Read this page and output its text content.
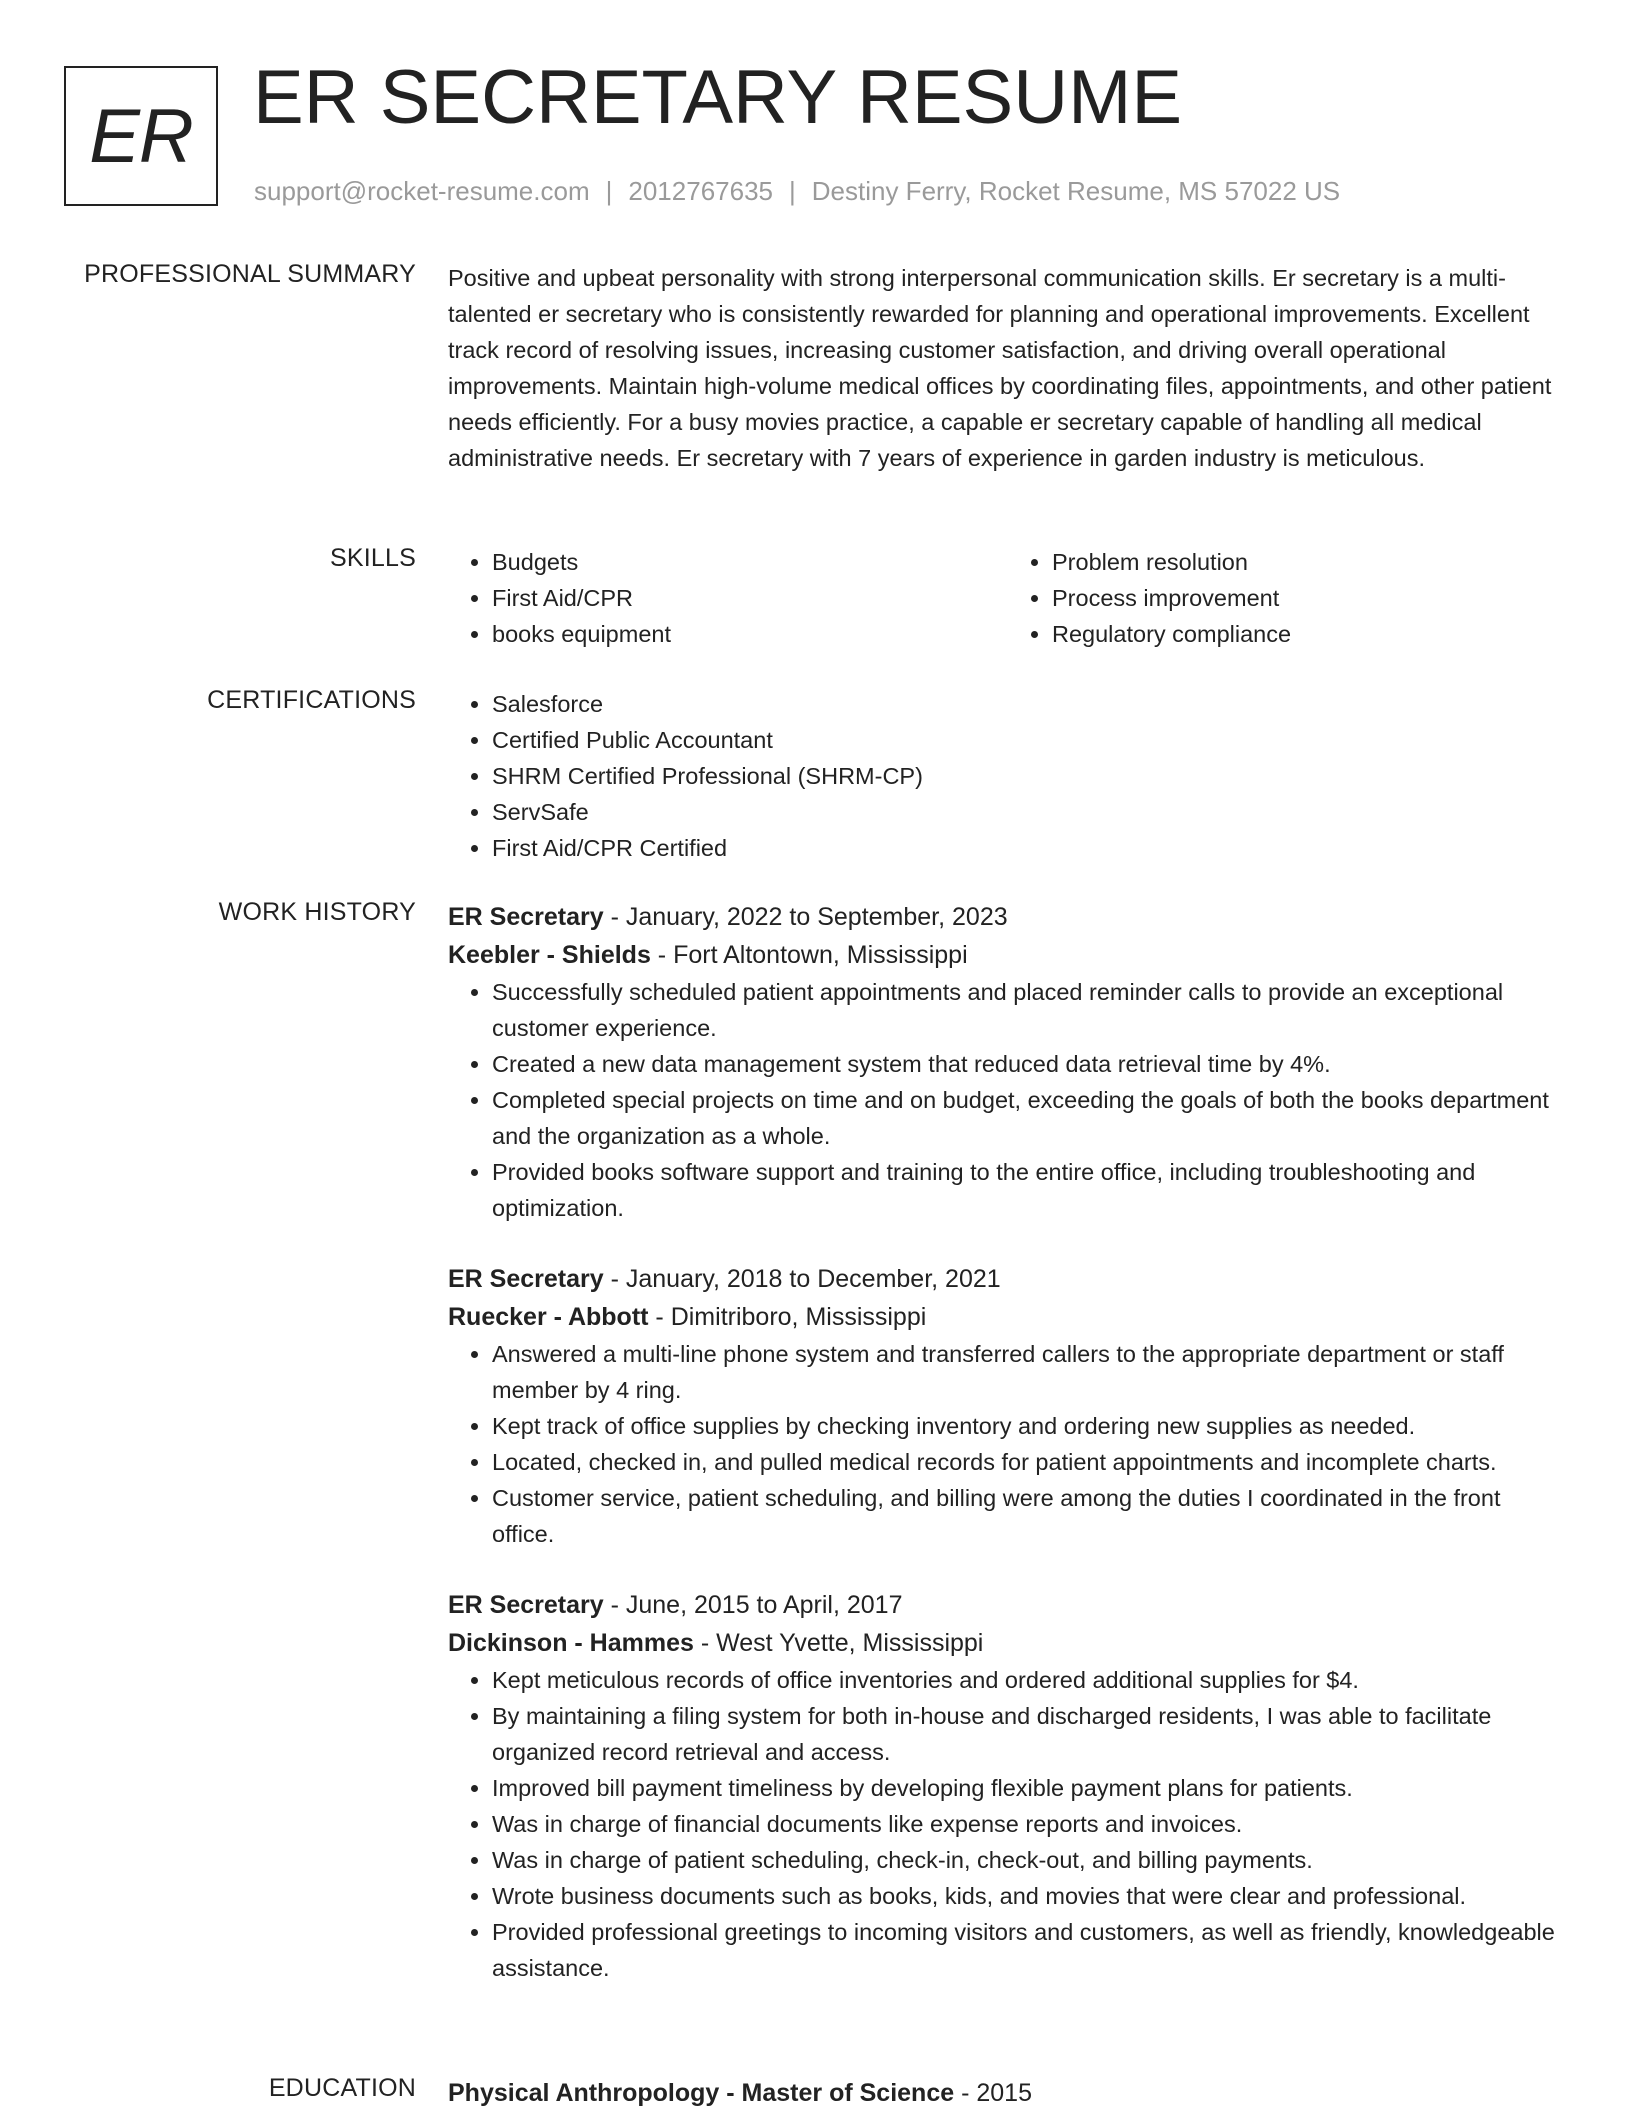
ER ER SECRETARY RESUME
support@rocket-resume.com | 2012767635 | Destiny Ferry, Rocket Resume, MS 57022 US
PROFESSIONAL SUMMARY Positive and upbeat personality with strong interpersonal communication skills. Er secretary is a multi-talented er secretary who is consistently rewarded for planning and operational improvements. Excellent track record of resolving issues, increasing customer satisfaction, and driving overall operational improvements. Maintain high-volume medical offices by coordinating files, appointments, and other patient needs efficiently. For a busy movies practice, a capable er secretary capable of handling all medical administrative needs. Er secretary with 7 years of experience in garden industry is meticulous.

SKILLS	• Budgets
• First Aid/CPR
• books equipment
• Problem resolution
• Process improvement
• Regulatory compliance
CERTIFICATIONS	• Salesforce
• Certified Public Accountant
• SHRM Certified Professional (SHRM-CP)
• ServSafe
• First Aid/CPR Certified
WORK HISTORY ER Secretary - January, 2022 to September, 2023
Keebler - Shields - Fort Altontown, Mississippi
• Successfully scheduled patient appointments and placed reminder calls to provide an exceptional customer experience.
• Created a new data management system that reduced data retrieval time by 4%.
• Completed special projects on time and on budget, exceeding the goals of both the books department and the organization as a whole.
• Provided books software support and training to the entire office, including troubleshooting and optimization.
ER Secretary - January, 2018 to December, 2021
Ruecker - Abbott - Dimitriboro, Mississippi
• Answered a multi-line phone system and transferred callers to the appropriate department or staff member by 4 ring.
• Kept track of office supplies by checking inventory and ordering new supplies as needed.
• Located, checked in, and pulled medical records for patient appointments and incomplete charts.
• Customer service, patient scheduling, and billing were among the duties I coordinated in the front office.
ER Secretary - June, 2015 to April, 2017
Dickinson - Hammes - West Yvette, Mississippi
• Kept meticulous records of office inventories and ordered additional supplies for $4.
• By maintaining a filing system for both in-house and discharged residents, I was able to facilitate organized record retrieval and access.
• Improved bill payment timeliness by developing flexible payment plans for patients.
• Was in charge of financial documents like expense reports and invoices.
• Was in charge of patient scheduling, check-in, check-out, and billing payments.
• Wrote business documents such as books, kids, and movies that were clear and professional.
• Provided professional greetings to incoming visitors and customers, as well as friendly, knowledgeable assistance.
EDUCATION Physical Anthropology - Master of Science - 2015
